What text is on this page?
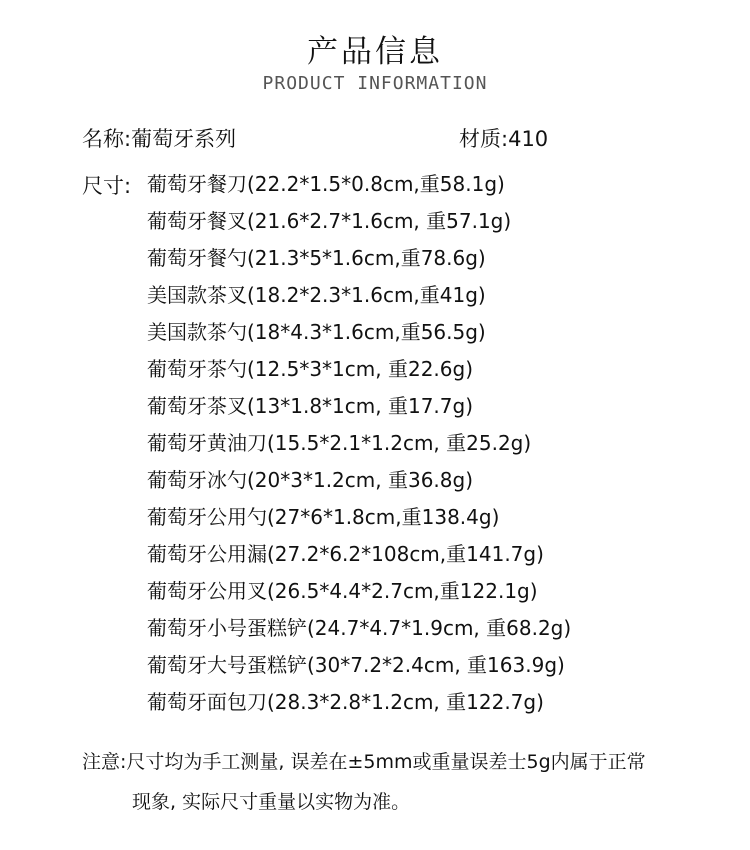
产品信息
PRODUCT INFORMATION
名称:葡萄牙系列	材质:410
尺寸: 葡萄牙餐刀(22.2*1.5*0.8cm,重58.1g)
葡萄牙餐叉(21.6*2.7*1.6cm, 重57.1g)
葡萄牙餐勺(21.3*5*1.6cm,重78.6g)
美国款茶叉(18.2*2.3*1.6cm,重41g)
美国款茶勺(18*4.3*1.6cm,重56.5g)
葡萄牙茶勺(12.5*3*1cm, 重22.6g)
葡萄牙茶叉(13*1.8*1cm, 重17.7g)
葡萄牙黄油刀(15.5*2.1*1.2cm, 重25.2g)
葡萄牙冰勺(20*3*1.2cm, 重36.8g)
葡萄牙公用勺(27*6*1.8cm,重138.4g)
葡萄牙公用漏(27.2*6.2*108cm,重141.7g)
葡萄牙公用叉(26.5*4.4*2.7cm,重122.1g)
葡萄牙小号蛋糕铲(24.7*4.7*1.9cm, 重68.2g)
葡萄牙大号蛋糕铲(30*7.2*2.4cm, 重163.9g)
葡萄牙面包刀(28.3*2.8*1.2cm, 重122.7g)
注意:尺寸均为手工测量, 误差在±5mm或重量误差士5g内属于正常
现象, 实际尺寸重量以实物为准。
